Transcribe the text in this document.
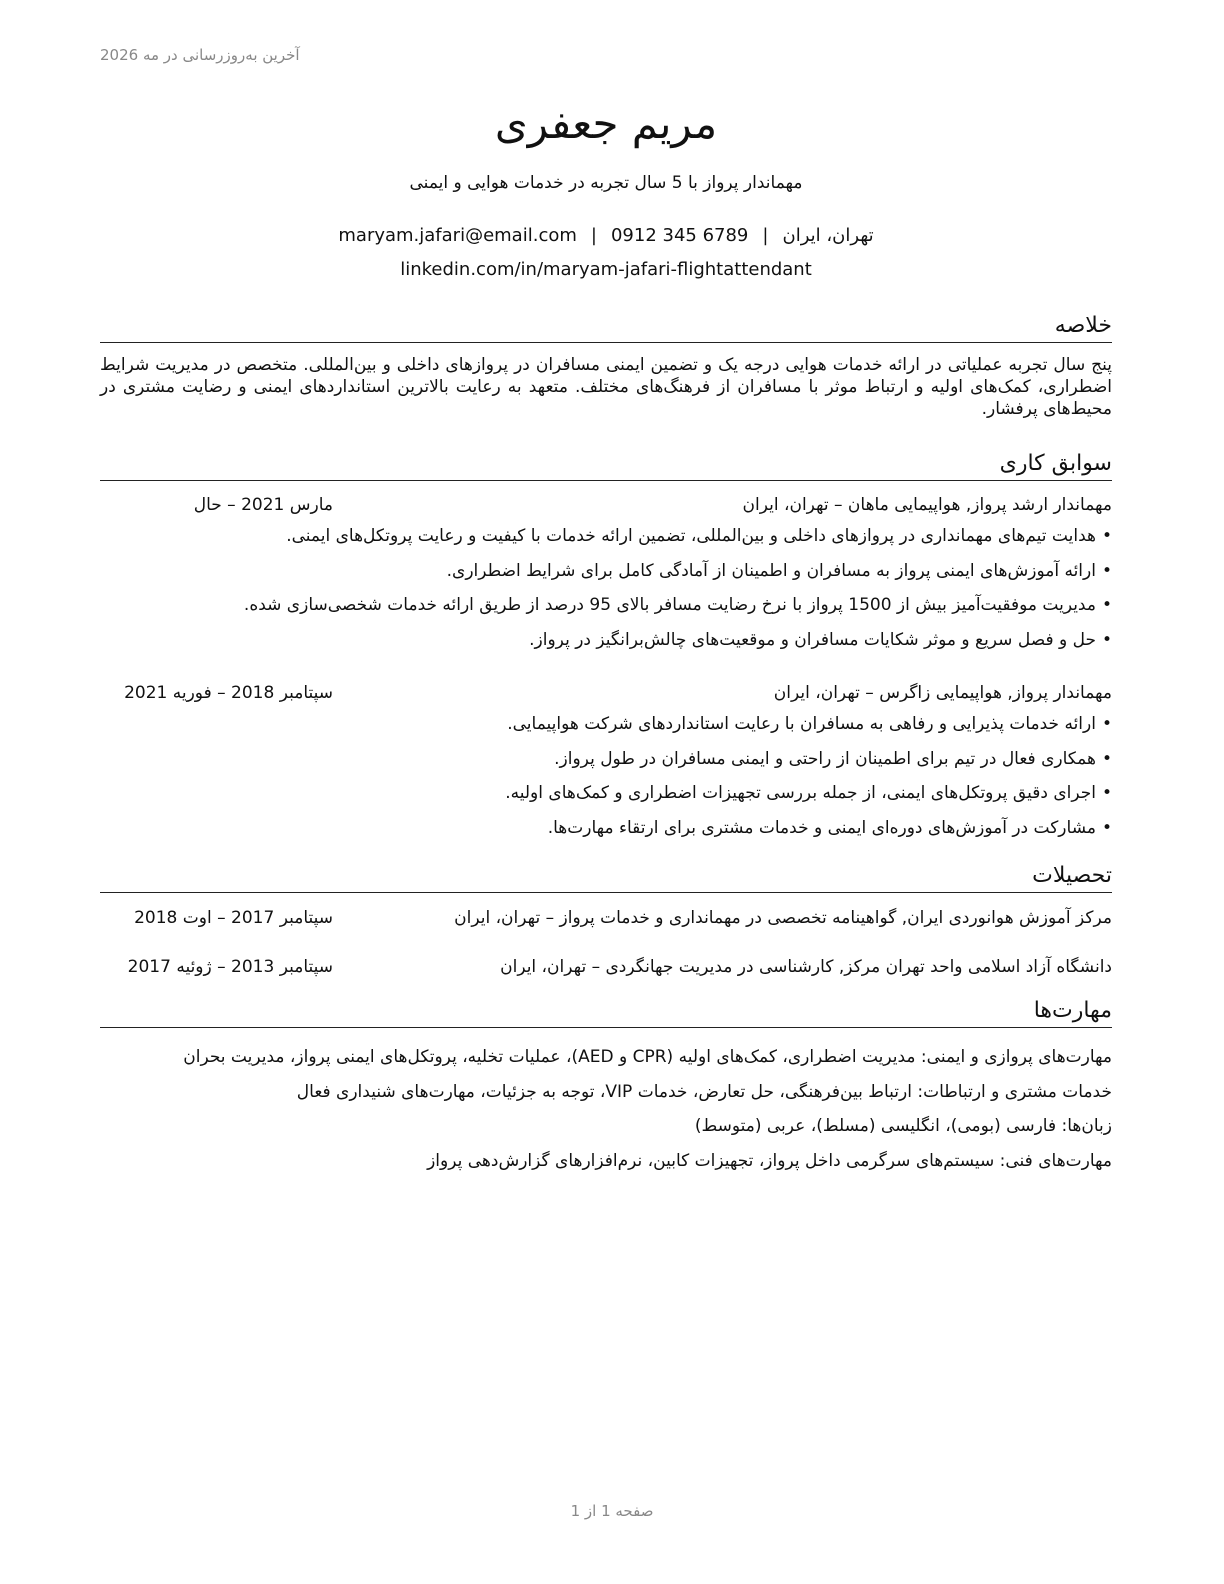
آخرین به‌روزرسانی در مه 2026
مریم جعفری
مهماندار پرواز با 5 سال تجربه در خدمات هوایی و ایمنی
تهران، ایران|maryam.jafari@email.com | 0912 345 6789
linkedin.com/in/maryam-jafari-flightattendant
خلاصه
پنج سال تجربه عملیاتی در ارائه خدمات هوایی درجه یک و تضمین ایمنی مسافران در پروازهای داخلی و بین‌المللی. متخصص در مدیریت شرایط اضطراری، کمک‌های اولیه و ارتباط موثر با مسافران از فرهنگ‌های مختلف. متعهد به رعایت بالاترین استانداردهای ایمنی و رضایت مشتری در محیط‌های پرفشار.
سوابق کاری
مهماندار ارشد پرواز, هواپیمایی ماهان – تهران، ایران
مارس 2021 – حال
•هدایت تیم‌های مهمانداری در پروازهای داخلی و بین‌المللی، تضمین ارائه خدمات با کیفیت و رعایت پروتکل‌های ایمنی.
•ارائه آموزش‌های ایمنی پرواز به مسافران و اطمینان از آمادگی کامل برای شرایط اضطراری.
•مدیریت موفقیت‌آمیز بیش از 1500 پرواز با نرخ رضایت مسافر بالای 95 درصد از طریق ارائه خدمات شخصی‌سازی شده.
•حل و فصل سریع و موثر شکایات مسافران و موقعیت‌های چالش‌برانگیز در پرواز.
مهماندار پرواز, هواپیمایی زاگرس – تهران، ایران
سپتامبر 2018 – فوریه 2021
•ارائه خدمات پذیرایی و رفاهی به مسافران با رعایت استانداردهای شرکت هواپیمایی.
•همکاری فعال در تیم برای اطمینان از راحتی و ایمنی مسافران در طول پرواز.
•اجرای دقیق پروتکل‌های ایمنی، از جمله بررسی تجهیزات اضطراری و کمک‌های اولیه.
•مشارکت در آموزش‌های دوره‌ای ایمنی و خدمات مشتری برای ارتقاء مهارت‌ها.
تحصیلات
مرکز آموزش هوانوردی ایران, گواهینامه تخصصی در مهمانداری و خدمات پرواز – تهران، ایران
سپتامبر 2017 – اوت 2018
دانشگاه آزاد اسلامی واحد تهران مرکز, کارشناسی در مدیریت جهانگردی – تهران، ایران
سپتامبر 2013 – ژوئیه 2017
مهارت‌ها
مهارت‌های پروازی و ایمنی: مدیریت اضطراری، کمک‌های اولیه (CPR و AED)، عملیات تخلیه، پروتکل‌های ایمنی پرواز، مدیریت بحران
خدمات مشتری و ارتباطات: ارتباط بین‌فرهنگی، حل تعارض، خدمات VIP، توجه به جزئیات، مهارت‌های شنیداری فعال
زبان‌ها: فارسی (بومی)، انگلیسی (مسلط)، عربی (متوسط)
مهارت‌های فنی: سیستم‌های سرگرمی داخل پرواز، تجهیزات کابین، نرم‌افزارهای گزارش‌دهی پرواز
صفحه 1 از 1
